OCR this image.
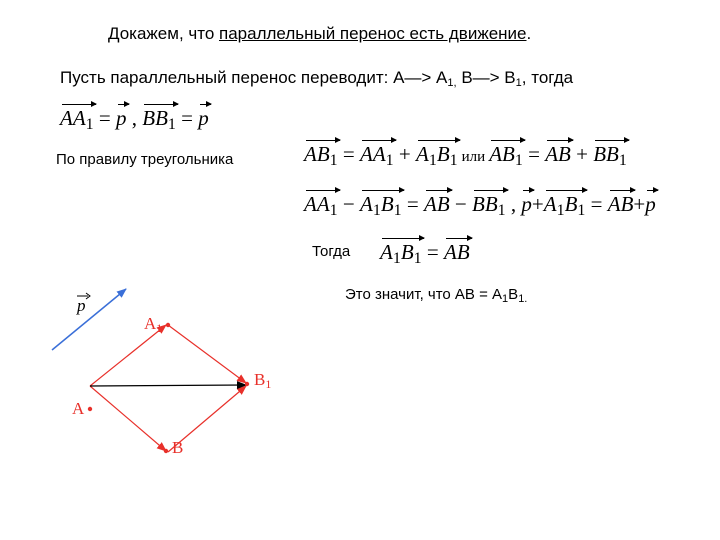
Докажем, что параллельный перенос есть движение.
Пусть параллельный перенос переводит: А—> $А_{1,}$ В—> $В_1$, тогда
AA1 = p , BB1 = p
По правилу треугольника	AB1 = AA1 + A1B1 или AB1 = AB + BB1
AA1 − A1B1 = AB − BB1 , p+A1B1 = AB+p
Тогда A1B1 = AB
Это значит, что АВ = $А_1В_{1.}$
A
A1
B1
B
p
